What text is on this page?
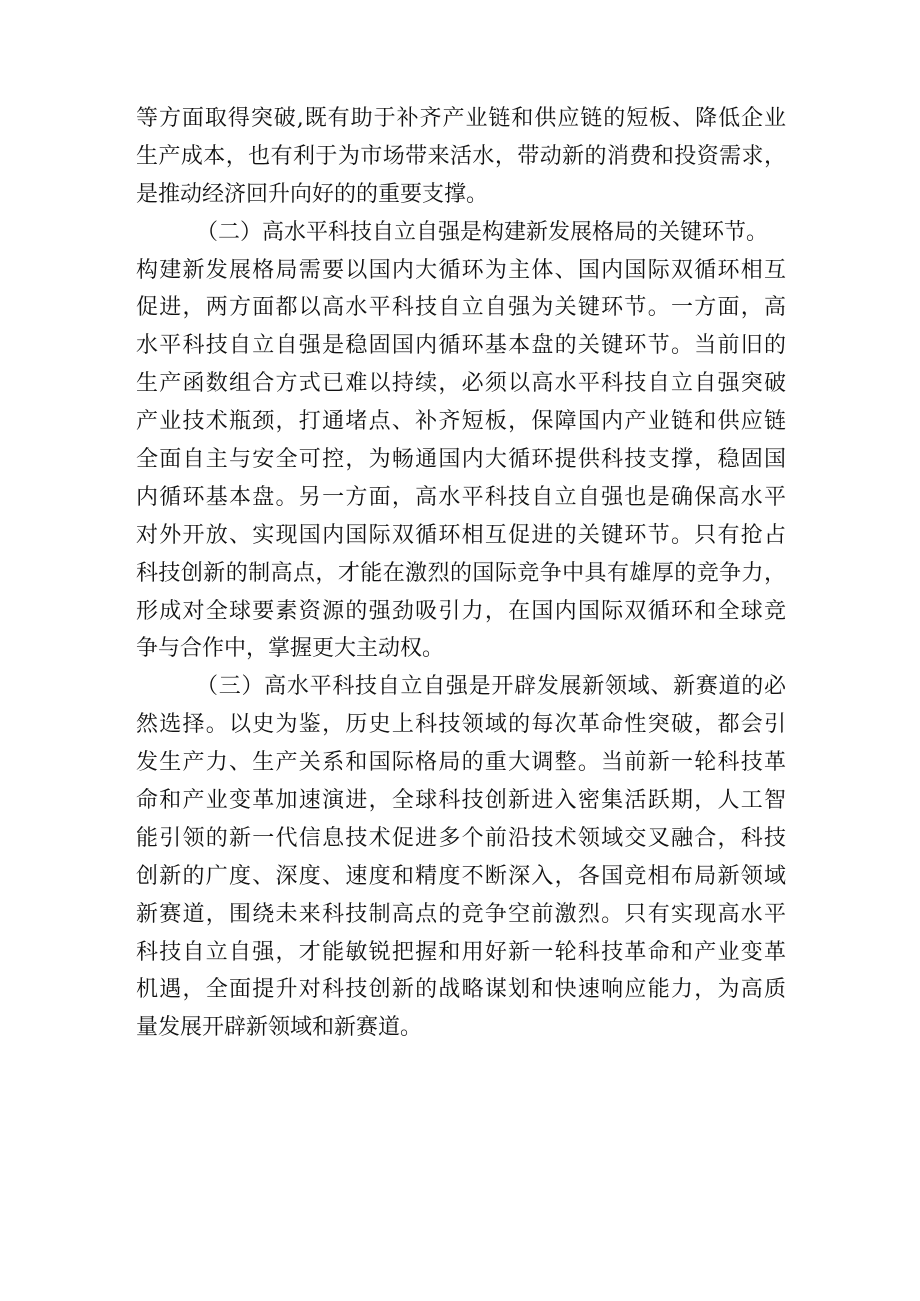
等方面取得突破,既有助于补齐产业链和供应链的短板、降低企业
生产成本，也有利于为市场带来活水，带动新的消费和投资需求，
是推动经济回升向好的的重要支撑。
（二）高水平科技自立自强是构建新发展格局的关键环节。
构建新发展格局需要以国内大循环为主体、国内国际双循环相互
促进，两方面都以高水平科技自立自强为关键环节。一方面，高
水平科技自立自强是稳固国内循环基本盘的关键环节。当前旧的
生产函数组合方式已难以持续，必须以高水平科技自立自强突破
产业技术瓶颈，打通堵点、补齐短板，保障国内产业链和供应链
全面自主与安全可控，为畅通国内大循环提供科技支撑，稳固国
内循环基本盘。另一方面，高水平科技自立自强也是确保高水平
对外开放、实现国内国际双循环相互促进的关键环节。只有抢占
科技创新的制高点，才能在激烈的国际竞争中具有雄厚的竞争力，
形成对全球要素资源的强劲吸引力，在国内国际双循环和全球竞
争与合作中，掌握更大主动权。
（三）高水平科技自立自强是开辟发展新领域、新赛道的必
然选择。以史为鉴，历史上科技领域的每次革命性突破，都会引
发生产力、生产关系和国际格局的重大调整。当前新一轮科技革
命和产业变革加速演进，全球科技创新进入密集活跃期，人工智
能引领的新一代信息技术促进多个前沿技术领域交叉融合，科技
创新的广度、深度、速度和精度不断深入，各国竞相布局新领域
新赛道，围绕未来科技制高点的竞争空前激烈。只有实现高水平
科技自立自强，才能敏锐把握和用好新一轮科技革命和产业变革
机遇，全面提升对科技创新的战略谋划和快速响应能力，为高质
量发展开辟新领域和新赛道。
